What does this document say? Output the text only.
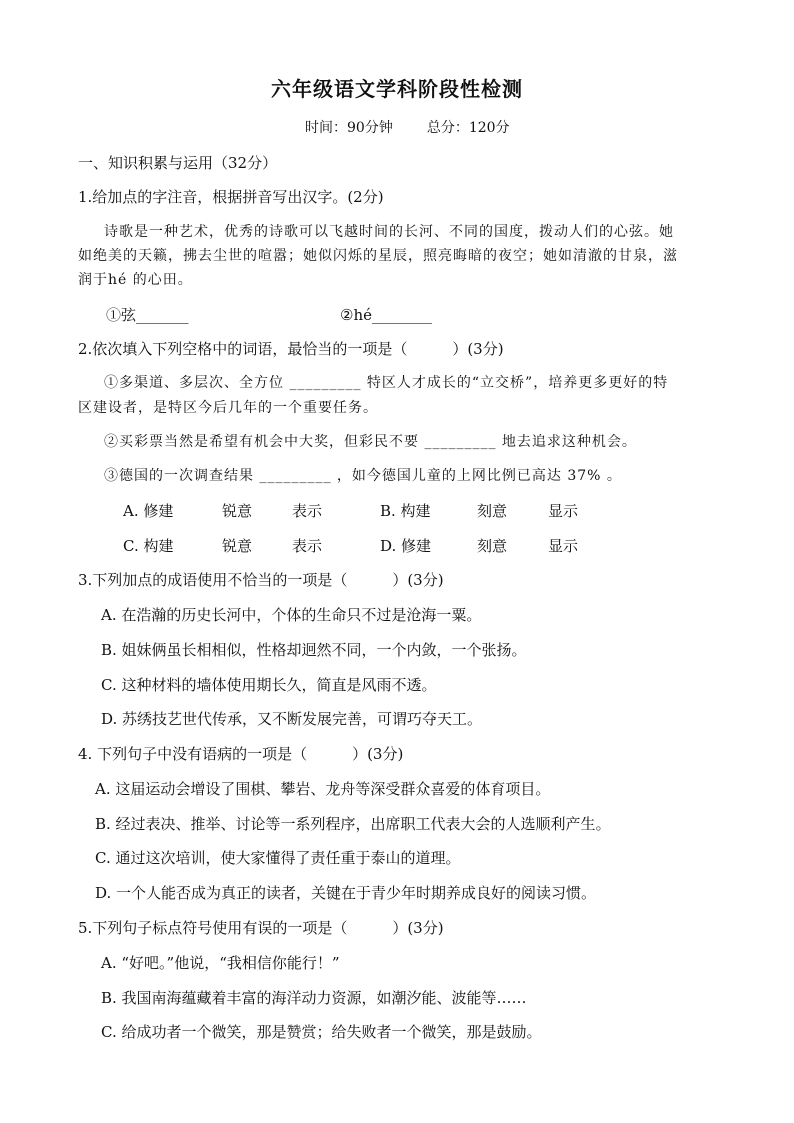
六年级语文学科阶段性检测
时间：90分钟 总分：120分
一、知识积累与运用（32分）
1.给加点的字注音，根据拼音写出汉字。(2分)
诗歌是一种艺术，优秀的诗歌可以飞越时间的长河、不同的国度，拨动人们的心弦。她
如绝美的天籁，拂去尘世的喧嚣；她似闪烁的星辰，照亮晦暗的夜空；她如清澈的甘泉，滋
润于hé 的心田。
①弦_______	②hé________
2.依次填入下列空格中的词语，最恰当的一项是（　　　）(3分)
①多渠道、多层次、全方位 _________ 特区人才成长的“立交桥”，培养更多更好的特
区建设者，是特区今后几年的一个重要任务。
②买彩票当然是希望有机会中大奖，但彩民不要 _________ 地去追求这种机会。
③德国的一次调查结果 _________ ，如今德国儿童的上网比例已高达 37% 。
A. 修建	锐意	表示	B. 构建	刻意	显示
C. 构建	锐意	表示	D. 修建	刻意	显示
3.下列加点的成语使用不恰当的一项是（　　　）(3分)
A. 在浩瀚的历史长河中，个体的生命只不过是沧海一粟。
B. 姐妹俩虽长相相似，性格却迥然不同，一个内敛，一个张扬。
C. 这种材料的墙体使用期长久，简直是风雨不透。
D. 苏绣技艺世代传承，又不断发展完善，可谓巧夺天工。
4. 下列句子中没有语病的一项是（　　　）(3分)
A. 这届运动会增设了围棋、攀岩、龙舟等深受群众喜爱的体育项目。
B. 经过表决、推举、讨论等一系列程序，出席职工代表大会的人选顺利产生。
C. 通过这次培训，使大家懂得了责任重于泰山的道理。
D. 一个人能否成为真正的读者，关键在于青少年时期养成良好的阅读习惯。
5.下列句子标点符号使用有误的一项是（　　　）(3分)
A. “好吧。”他说，“我相信你能行！”
B. 我国南海蕴藏着丰富的海洋动力资源，如潮汐能、波能等……
C. 给成功者一个微笑，那是赞赏；给失败者一个微笑，那是鼓励。
